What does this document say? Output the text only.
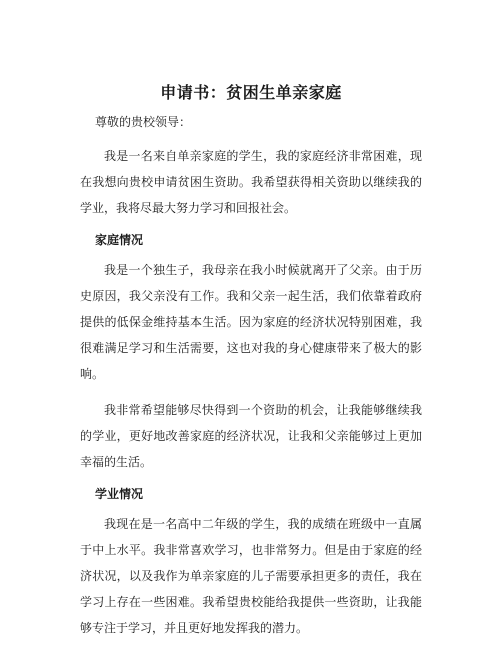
申请书：贫困生单亲家庭

尊敬的贵校领导：

我是一名来自单亲家庭的学生，我的家庭经济非常困难，现在我想向贵校申请贫困生资助。我希望获得相关资助以继续我的学业，我将尽最大努力学习和回报社会。

家庭情况

我是一个独生子，我母亲在我小时候就离开了父亲。由于历史原因，我父亲没有工作。我和父亲一起生活，我们依靠着政府提供的低保金维持基本生活。因为家庭的经济状况特别困难，我很难满足学习和生活需要，这也对我的身心健康带来了极大的影响。

我非常希望能够尽快得到一个资助的机会，让我能够继续我的学业，更好地改善家庭的经济状况，让我和父亲能够过上更加幸福的生活。

学业情况

我现在是一名高中二年级的学生，我的成绩在班级中一直属于中上水平。我非常喜欢学习，也非常努力。但是由于家庭的经济状况，以及我作为单亲家庭的儿子需要承担更多的责任，我在学习上存在一些困难。我希望贵校能给我提供一些资助，让我能够专注于学习，并且更好地发挥我的潜力。
